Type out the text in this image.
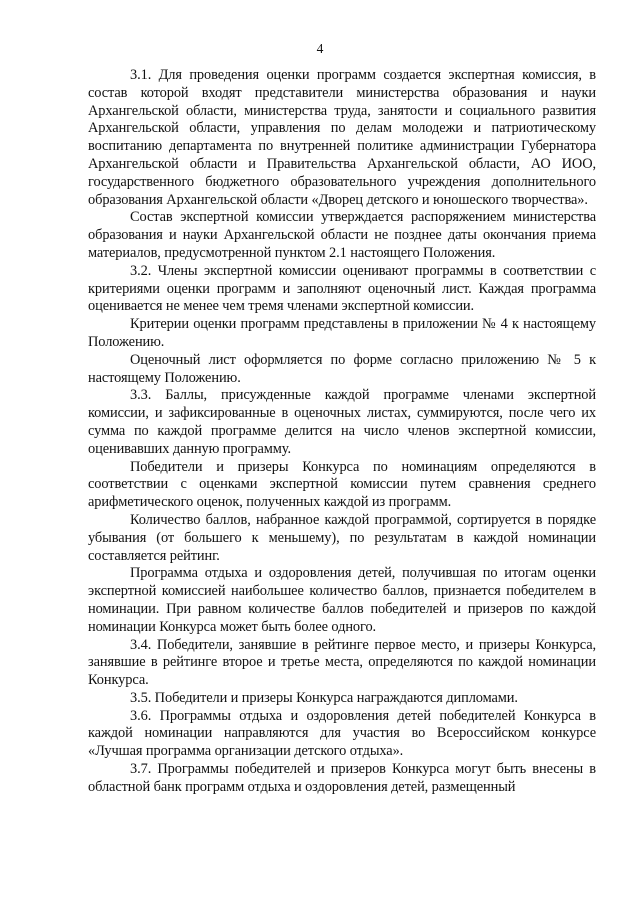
4

3.1. Для проведения оценки программ создается экспертная комиссия, в состав которой входят представители министерства образования и науки Архангельской области, министерства труда, занятости и социального развития Архангельской области, управления по делам молодежи и патриотическому воспитанию департамента по внутренней политике администрации Губернатора Архангельской области и Правительства Архангельской области, АО ИОО, государственного бюджетного образовательного учреждения дополнительного образования Архангельской области «Дворец детского и юношеского творчества».

Состав экспертной комиссии утверждается распоряжением министерства образования и науки Архангельской области не позднее даты окончания приема материалов, предусмотренной пунктом 2.1 настоящего Положения.

3.2. Члены экспертной комиссии оценивают программы в соответствии с критериями оценки программ и заполняют оценочный лист. Каждая программа оценивается не менее чем тремя членами экспертной комиссии.

Критерии оценки программ представлены в приложении № 4 к настоящему Положению.

Оценочный лист оформляется по форме согласно приложению № 5 к настоящему Положению.

3.3. Баллы, присужденные каждой программе членами экспертной комиссии, и зафиксированные в оценочных листах, суммируются, после чего их сумма по каждой программе делится на число членов экспертной комиссии, оценивавших данную программу.

Победители и призеры Конкурса по номинациям определяются в соответствии с оценками экспертной комиссии путем сравнения среднего арифметического оценок, полученных каждой из программ.

Количество баллов, набранное каждой программой, сортируется в порядке убывания (от большего к меньшему), по результатам в каждой номинации составляется рейтинг.

Программа отдыха и оздоровления детей, получившая по итогам оценки экспертной комиссией наибольшее количество баллов, признается победителем в номинации. При равном количестве баллов победителей и призеров по каждой номинации Конкурса может быть более одного.

3.4. Победители, занявшие в рейтинге первое место, и призеры Конкурса, занявшие в рейтинге второе и третье места, определяются по каждой номинации Конкурса.

3.5. Победители и призеры Конкурса награждаются дипломами.

3.6. Программы отдыха и оздоровления детей победителей Конкурса в каждой номинации направляются для участия во Всероссийском конкурсе «Лучшая программа организации детского отдыха».

3.7. Программы победителей и призеров Конкурса могут быть внесены в областной банк программ отдыха и оздоровления детей, размещенный
